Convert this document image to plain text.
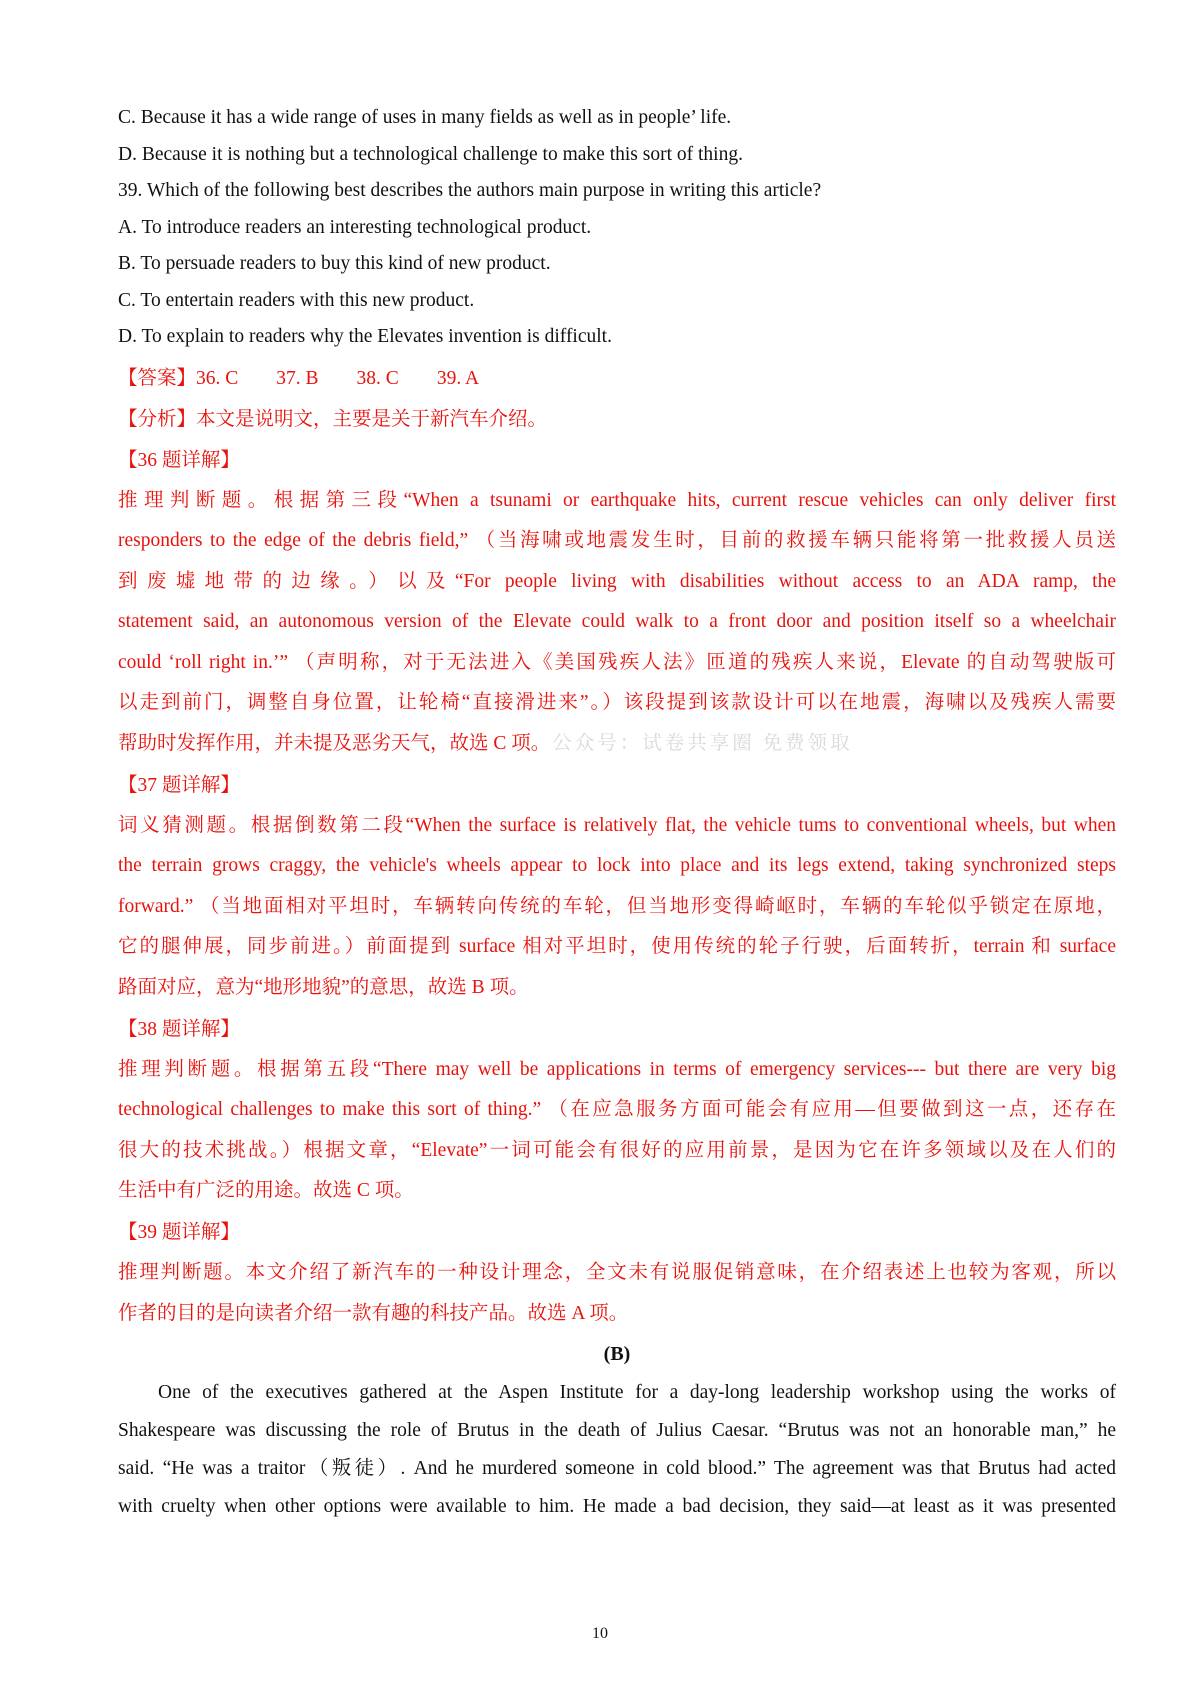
C. Because it has a wide range of uses in many fields as well as in people’ life.
D. Because it is nothing but a technological challenge to make this sort of thing.
39. Which of the following best describes the authors main purpose in writing this article?
A. To introduce readers an interesting technological product.
B. To persuade readers to buy this kind of new product.
C. To entertain readers with this new product.
D. To explain to readers why the Elevates invention is difficult.
【答案】36. C 37. B 38. C 39. A
【分析】本文是说明文，主要是关于新汽车介绍。
【36 题详解】
推理判断题。根据第三段“When a tsunami or earthquake hits, current rescue vehicles can only deliver first
responders to the edge of the debris field,” （当海啸或地震发生时，目前的救援车辆只能将第一批救援人员送
到废墟地带的边缘。）以及“For people living with disabilities without access to an ADA ramp, the
statement said, an autonomous version of the Elevate could walk to a front door and position itself so a wheelchair
could ‘roll right in.’” （声明称，对于无法进入《美国残疾人法》匝道的残疾人来说，Elevate 的自动驾驶版可
以走到前门，调整自身位置，让轮椅“直接滑进来”。）该段提到该款设计可以在地震，海啸以及残疾人需要
帮助时发挥作用，并未提及恶劣天气，故选 C 项。 公众号：试卷共享圈 免费领取
【37 题详解】
词义猜测题。根据倒数第二段“When the surface is relatively flat, the vehicle tums to conventional wheels, but when
the terrain grows craggy, the vehicle's wheels appear to lock into place and its legs extend, taking synchronized steps
forward.” （当地面相对平坦时，车辆转向传统的车轮，但当地形变得崎岖时，车辆的车轮似乎锁定在原地，
它的腿伸展，同步前进。）前面提到 surface 相对平坦时，使用传统的轮子行驶，后面转折，terrain 和 surface
路面对应，意为“地形地貌”的意思，故选 B 项。
【38 题详解】
推理判断题。根据第五段“There may well be applications in terms of emergency services--- but there are very big
technological challenges to make this sort of thing.” （在应急服务方面可能会有应用—但要做到这一点，还存在
很大的技术挑战。）根据文章，“Elevate”一词可能会有很好的应用前景，是因为它在许多领域以及在人们的
生活中有广泛的用途。故选 C 项。
【39 题详解】
推理判断题。本文介绍了新汽车的一种设计理念，全文未有说服促销意味，在介绍表述上也较为客观，所以
作者的目的是向读者介绍一款有趣的科技产品。故选 A 项。
(B)
One of the executives gathered at the Aspen Institute for a day-long leadership workshop using the works of
Shakespeare was discussing the role of Brutus in the death of Julius Caesar. “Brutus was not an honorable man,” he
said. “He was a traitor（叛徒）. And he murdered someone in cold blood.” The agreement was that Brutus had acted
with cruelty when other options were available to him. He made a bad decision, they said—at least as it was presented
10
